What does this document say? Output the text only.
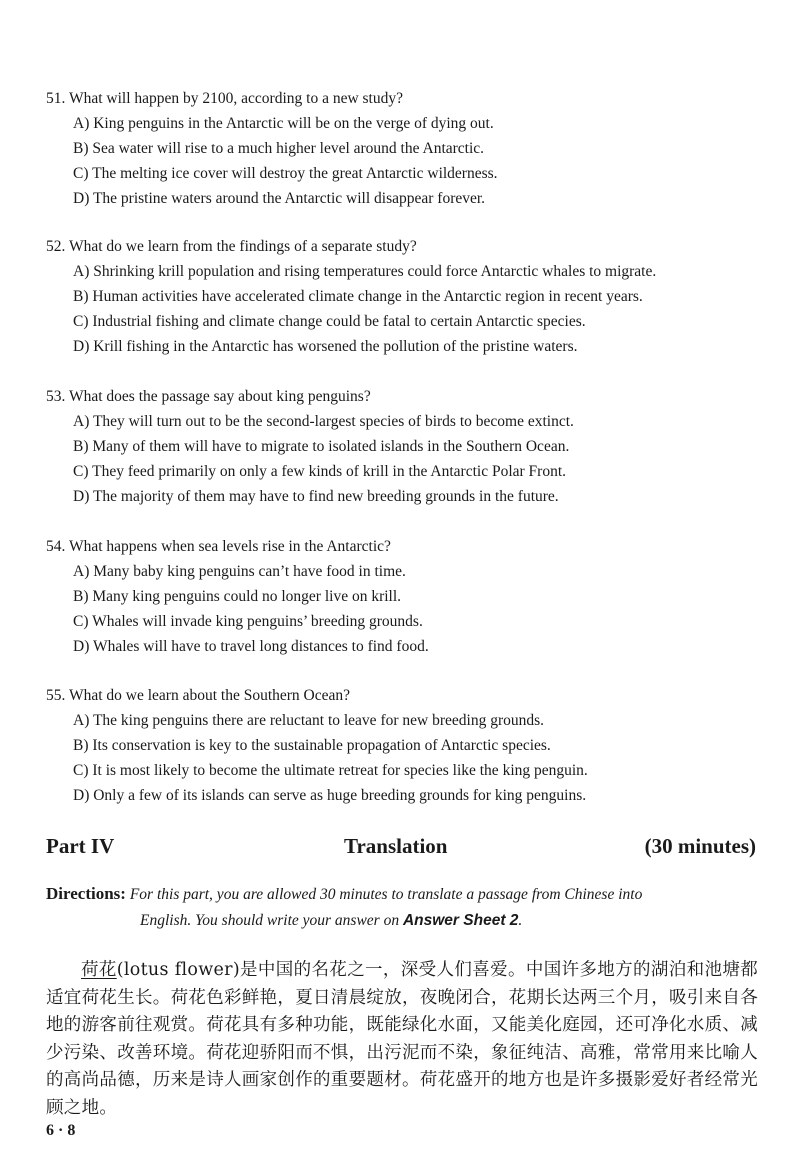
51. What will happen by 2100, according to a new study?
A) King penguins in the Antarctic will be on the verge of dying out.
B) Sea water will rise to a much higher level around the Antarctic.
C) The melting ice cover will destroy the great Antarctic wilderness.
D) The pristine waters around the Antarctic will disappear forever.
52. What do we learn from the findings of a separate study?
A) Shrinking krill population and rising temperatures could force Antarctic whales to migrate.
B) Human activities have accelerated climate change in the Antarctic region in recent years.
C) Industrial fishing and climate change could be fatal to certain Antarctic species.
D) Krill fishing in the Antarctic has worsened the pollution of the pristine waters.
53. What does the passage say about king penguins?
A) They will turn out to be the second-largest species of birds to become extinct.
B) Many of them will have to migrate to isolated islands in the Southern Ocean.
C) They feed primarily on only a few kinds of krill in the Antarctic Polar Front.
D) The majority of them may have to find new breeding grounds in the future.
54. What happens when sea levels rise in the Antarctic?
A) Many baby king penguins can’t have food in time.
B) Many king penguins could no longer live on krill.
C) Whales will invade king penguins’ breeding grounds.
D) Whales will have to travel long distances to find food.
55. What do we learn about the Southern Ocean?
A) The king penguins there are reluctant to leave for new breeding grounds.
B) Its conservation is key to the sustainable propagation of Antarctic species.
C) It is most likely to become the ultimate retreat for species like the king penguin.
D) Only a few of its islands can serve as huge breeding grounds for king penguins.
Part IV	Translation	(30 minutes)
Directions: For this part, you are allowed 30 minutes to translate a passage from Chinese into
English. You should write your answer on Answer Sheet 2.
荷花(lotus flower)是中国的名花之一，深受人们喜爱。中国许多地方的湖泊和池塘都适宜荷花生长。荷花色彩鲜艳，夏日清晨绽放，夜晚闭合，花期长达两三个月，吸引来自各地的游客前往观赏。荷花具有多种功能，既能绿化水面，又能美化庭园，还可净化水质、减少污染、改善环境。荷花迎骄阳而不惧，出污泥而不染，象征纯洁、高雅，常常用来比喻人的高尚品德，历来是诗人画家创作的重要题材。荷花盛开的地方也是许多摄影爱好者经常光顾之地。
6 · 8
